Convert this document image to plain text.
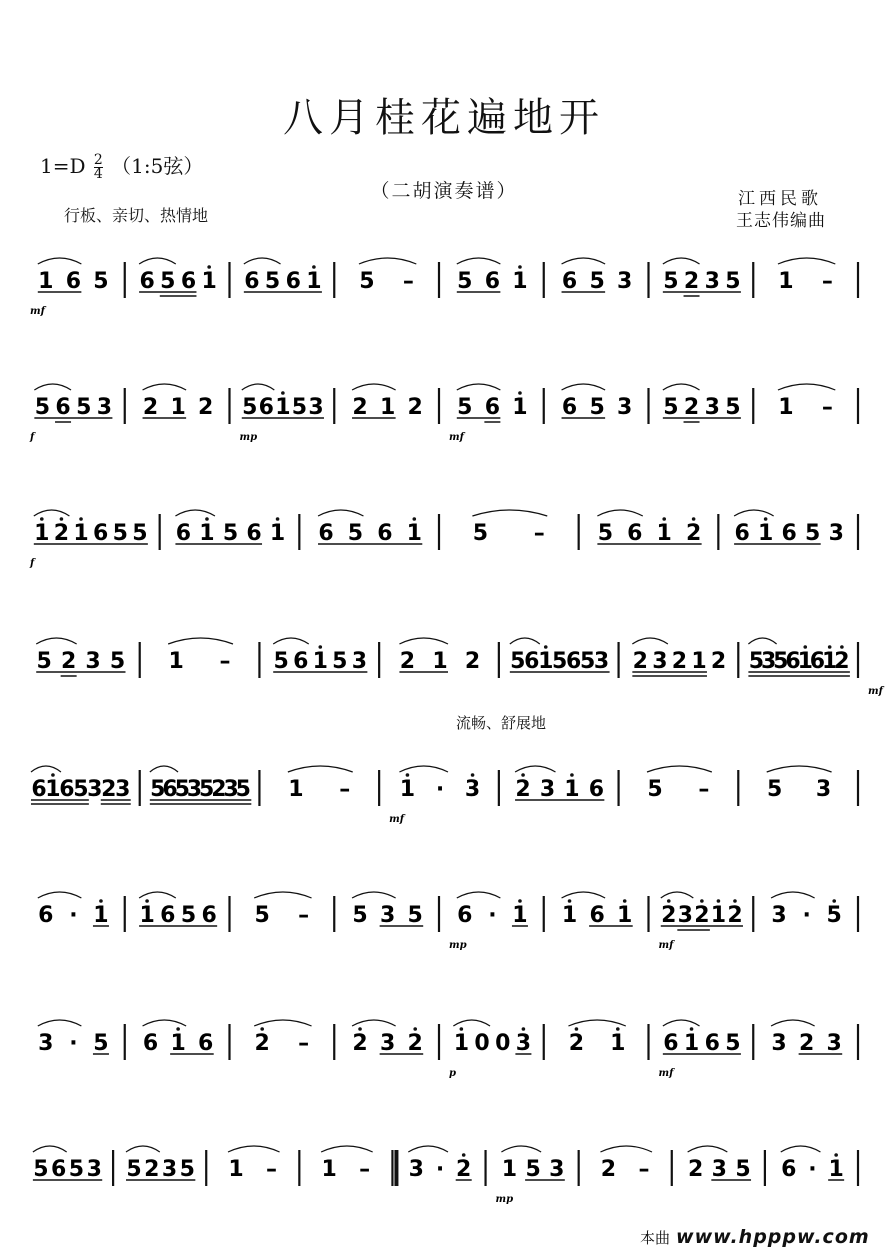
八月桂花遍地开
$1=D \frac{2}{4}$ （1:5弦）
（二胡演奏谱）
行板、亲切、热情地
江西民歌
王志伟编曲
流畅、舒展地
1 6 5 6 5 6 1 6 5 6 1 5 – 5 6 1 6 5 3 5 2 3 5 1 –
mf
5 6 5 3 2 1 2 5 6 1 5 3 2 1 2 5 6 1 6 5 3 5 2 3 5 1 –
f	mp	mf
1 2 1 6 5 5 6 1 5 6 1 6 5 6 1 5 – 5 6 1 2 6 1 6 5 3
f
5 2 3 5 1 – 5 6 1 5 3 2 1 2 5
6
1
5
6
5
3 2 3 2 1 2 5
3
5
6
1
6
1
2
mf
6
1
6
5
3
2
3 5
6
5
3
5
2
3
5 1 – 1 · 3 2 3 1 6 5 –	5 3
mf
6 · 1 1 6 5 6 5 – 5 3 5 6 · 1 1 6 1 2 3 2 1 2 3 · 5
mp	mf
3 · 5 6 1 6 2 – 2 3 2 1 0 0 3 2 1 6 1 6 5 3 2 3
p	mf
5 6 5 3 5 2 3 5 1 – 1 – 3 · 2 1 5 3 2 – 2 3 5 6 · 1
mp
本曲 www.hpppw.com
